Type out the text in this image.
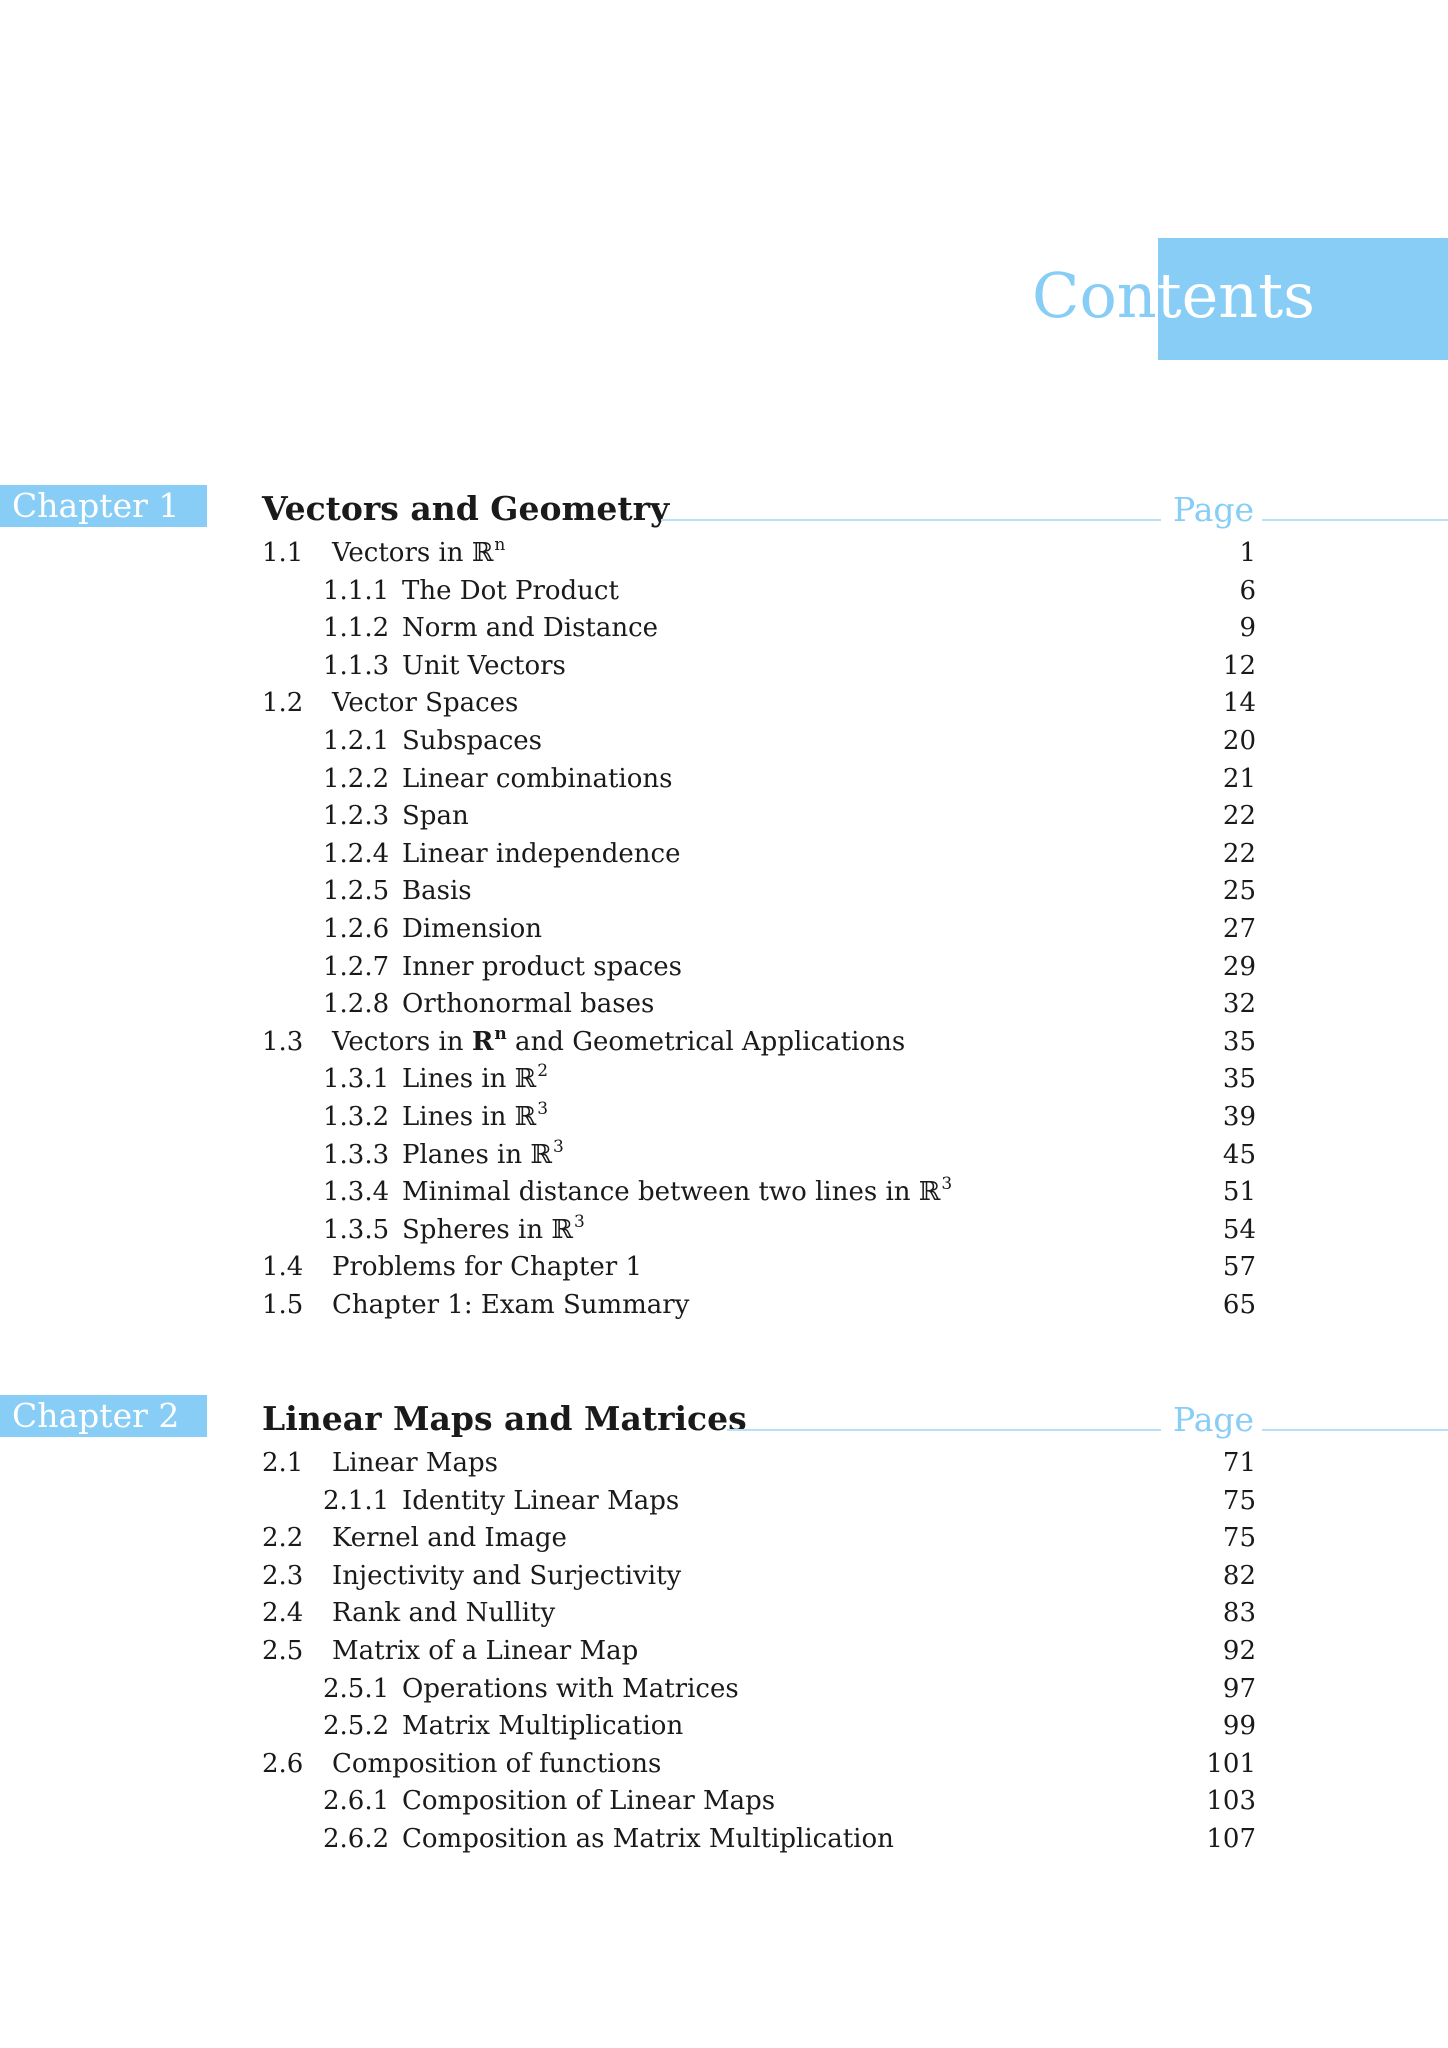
Contents
Chapter 1	Vectors and Geometry	Page
1.1 Vectors in ℝ$^n$	1
1.1.1 The Dot Product	6
1.1.2 Norm and Distance	9
1.1.3 Unit Vectors	12
1.2 Vector Spaces	14
1.2.1 Subspaces	20
1.2.2 Linear combinations	21
1.2.3 Span	22
1.2.4 Linear independence	22
1.2.5 Basis	25
1.2.6 Dimension	27
1.2.7 Inner product spaces	29
1.2.8 Orthonormal bases	32
1.3 Vectors in $R^n$ and Geometrical Applications	35
1.3.1 Lines in ℝ$^2$	35
1.3.2 Lines in ℝ$^3$	39
1.3.3 Planes in ℝ$^3$	45
1.3.4 Minimal distance between two lines in ℝ$^3$	51
1.3.5 Spheres in ℝ$^3$	54
1.4 Problems for Chapter 1	57
1.5 Chapter 1: Exam Summary	65
Chapter 2	Linear Maps and Matrices	Page
2.1 Linear Maps	71
2.1.1 Identity Linear Maps	75
2.2 Kernel and Image	75
2.3 Injectivity and Surjectivity	82
2.4 Rank and Nullity	83
2.5 Matrix of a Linear Map	92
2.5.1 Operations with Matrices	97
2.5.2 Matrix Multiplication	99
2.6 Composition of functions	101
2.6.1 Composition of Linear Maps	103
2.6.2 Composition as Matrix Multiplication	107
